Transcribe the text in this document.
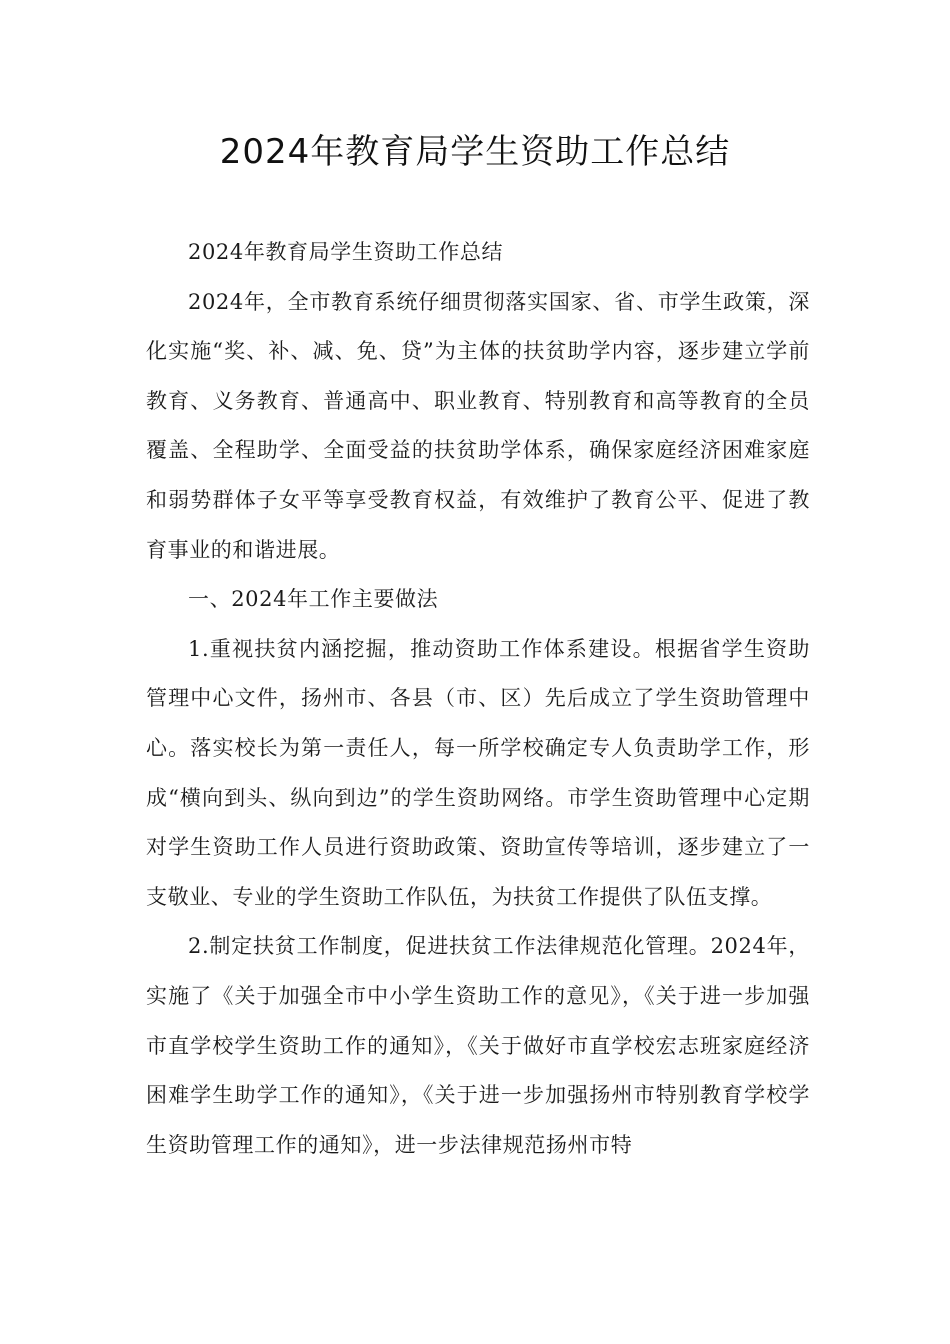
2024年教育局学生资助工作总结

2024年教育局学生资助工作总结

2024年，全市教育系统仔细贯彻落实国家、省、市学生政策，深化实施“奖、补、减、免、贷”为主体的扶贫助学内容，逐步建立学前教育、义务教育、普通高中、职业教育、特别教育和高等教育的全员覆盖、全程助学、全面受益的扶贫助学体系，确保家庭经济困难家庭和弱势群体子女平等享受教育权益，有效维护了教育公平、促进了教育事业的和谐进展。

一、2024年工作主要做法

1.重视扶贫内涵挖掘，推动资助工作体系建设。根据省学生资助管理中心文件，扬州市、各县（市、区）先后成立了学生资助管理中心。落实校长为第一责任人，每一所学校确定专人负责助学工作，形成“横向到头、纵向到边”的学生资助网络。市学生资助管理中心定期对学生资助工作人员进行资助政策、资助宣传等培训，逐步建立了一支敬业、专业的学生资助工作队伍，为扶贫工作提供了队伍支撑。

2.制定扶贫工作制度，促进扶贫工作法律规范化管理。2024年，实施了《关于加强全市中小学生资助工作的意见》，《关于进一步加强市直学校学生资助工作的通知》，《关于做好市直学校宏志班家庭经济困难学生助学工作的通知》，《关于进一步加强扬州市特别教育学校学生资助管理工作的通知》，进一步法律规范扬州市特
